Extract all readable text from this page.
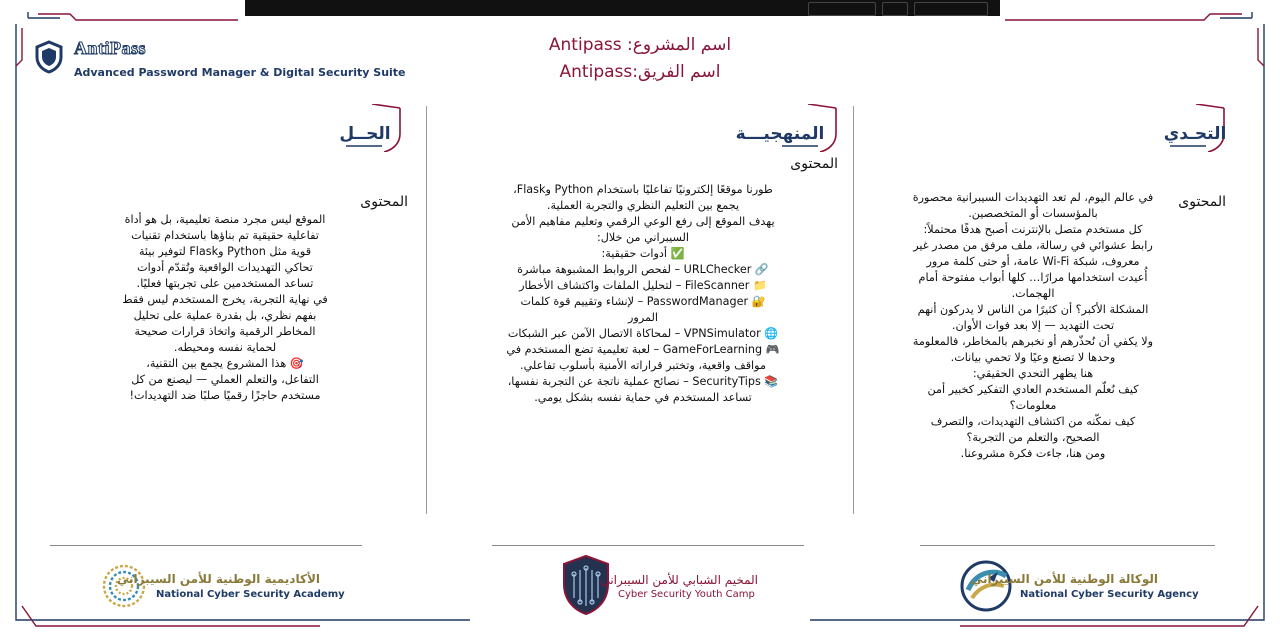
AntiPass
Advanced Password Manager & Digital Security Suite
اسم المشروع: Antipass
اسم الفريق:Antipass
التحـدي
المحتوى
في عالم اليوم، لم تعد التهديدات السيبرانية محصورة
بالمؤسسات أو المتخصصين.
كل مستخدم متصل بالإنترنت أصبح هدفًا محتملاً:
رابط عشوائي في رسالة، ملف مرفق من مصدر غير
معروف، شبكة Wi-Fi عامة، أو حتى كلمة مرور
أُعيدت استخدامها مرارًا… كلها أبواب مفتوحة أمام
الهجمات.
المشكلة الأكبر؟ أن كثيرًا من الناس لا يدركون أنهم
تحت التهديد — إلا بعد فوات الأوان.
ولا يكفي أن نُحذّرهم أو نخبرهم بالمخاطر، فالمعلومة
وحدها لا تصنع وعيًا ولا تحمي بيانات.
هنا يظهر التحدي الحقيقي:
كيف نُعلّم المستخدم العادي التفكير كخبير أمن
معلومات؟
كيف نمكّنه من اكتشاف التهديدات، والتصرف
الصحيح، والتعلم من التجربة؟
ومن هنا، جاءت فكرة مشروعنا.
المنهجيـــة
المحتوى
طورنا موقعًا إلكترونيًا تفاعليًا باستخدام Python وFlask،
يجمع بين التعليم النظري والتجربة العملية.
يهدف الموقع إلى رفع الوعي الرقمي وتعليم مفاهيم الأمن
السيبراني من خلال:
✅ أدوات حقيقية:
🔗 URLChecker – لفحص الروابط المشبوهة مباشرة
📁 FileScanner – لتحليل الملفات واكتشاف الأخطار
🔐 PasswordManager – لإنشاء وتقييم قوة كلمات
المرور
🌐 VPNSimulator – لمحاكاة الاتصال الآمن عبر الشبكات
🎮 GameForLearning – لعبة تعليمية تضع المستخدم في
مواقف واقعية، وتختبر قراراته الأمنية بأسلوب تفاعلي.
📚 SecurityTips – نصائح عملية ناتجة عن التجربة نفسها،
تساعد المستخدم في حماية نفسه بشكل يومي.
الحــل
المحتوى
الموقع ليس مجرد منصة تعليمية، بل هو أداة
تفاعلية حقيقية تم بناؤها باستخدام تقنيات
قوية مثل Python وFlask لتوفير بيئة
تحاكي التهديدات الواقعية وتُقدّم أدوات
تساعد المستخدمين على تجربتها فعليًا.
في نهاية التجربة، يخرج المستخدم ليس فقط
بفهم نظري، بل بقدرة عملية على تحليل
المخاطر الرقمية واتخاذ قرارات صحيحة
لحماية نفسه ومحيطه.
🎯 هذا المشروع يجمع بين التقنية،
التفاعل، والتعلم العملي — ليصنع من كل
مستخدم حاجزًا رقميًا صلبًا ضد التهديدات!
الوكالة الوطنية للأمن السيبراني
National Cyber Security Agency
المخيم الشبابي للأمن السيبراني
Cyber Security Youth Camp
الأكاديمية الوطنية للأمن السيبراني
National Cyber Security Academy
